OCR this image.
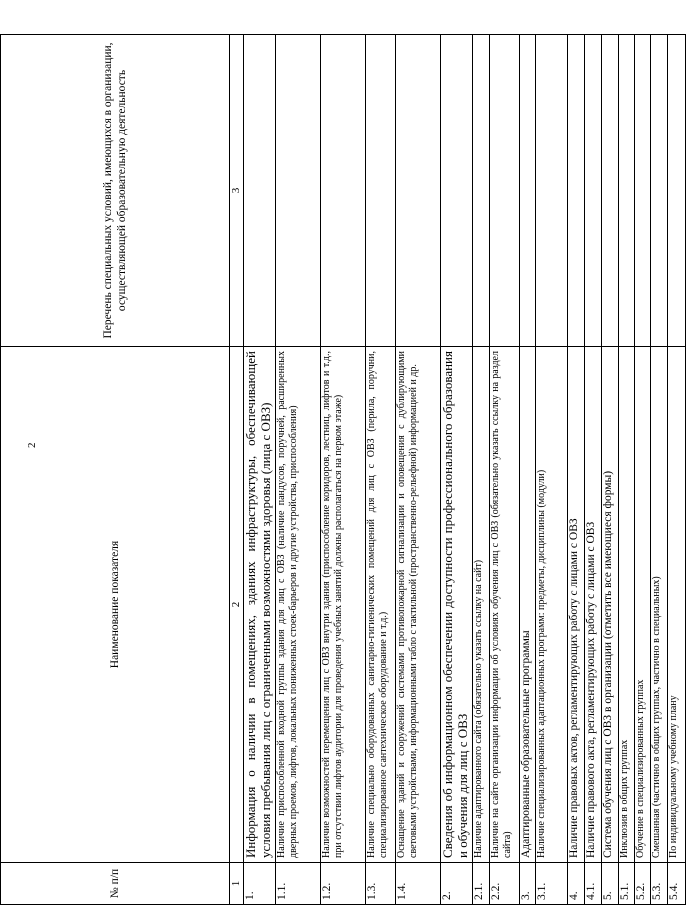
2
№ п/п	Наименование показателя	Перечень специальных условий, имеющихся в организации, осуществляющей образовательную деятельность
1	2	3
1.	Информация о наличии в помещениях, зданиях инфраструктуры, обеспечивающей условия пребывания лиц с ограниченными возможностями здоровья (лица с ОВЗ)	
1.1.	Наличие приспособленной входной группы здания для лиц с ОВЗ (наличие пандусов, поручней, расширенных дверных проемов, лифтов, локальных пониженных стоек-барьеров и другие устройства, приспособления)	
1.2.	Наличие возможностей перемещения лиц с ОВЗ внутри здания (приспособление коридоров, лестниц, лифтов и т.д., при отсутствии лифтов аудитории для проведения учебных занятий должны располагаться на первом этаже)	
1.3.	Наличие специально оборудованных санитарно-гигиенических помещений для лиц с ОВЗ (перила, поручни, специализированное сантехническое оборудование и т.д.)	
1.4.	Оснащение зданий и сооружений системами противопожарной сигнализации и оповещения с дублирующими световыми устройствами, информационными табло с тактильной (пространственно-рельефной) информацией и др.	
2.	Сведения об информационном обеспечении доступности профессионального образования и обучения для лиц с ОВЗ	
2.1.	Наличие адаптированного сайта (обязательно указать ссылку на сайт)	
2.2.	Наличие на сайте организации информации об условиях обучения лиц с ОВЗ (обязательно указать ссылку на раздел сайта)	
3.	Адаптированные образовательные программы	
3.1.	Наличие специализированных адаптационных программ: предметы, дисциплины (модули)	
4.	Наличие правовых актов, регламентирующих работу с лицами с ОВЗ	
4.1.	Наличие правового акта, регламентирующих работу с лицами с ОВЗ	
5.	Система обучения лиц с ОВЗ в организации (отметить все имеющиеся формы)	
5.1.	Инклюзия в общих группах	
5.2.	Обучение в специализированных группах	
5.3.	Смешанная (частично в общих группах, частично в специальных)	
5.4.	По индивидуальному учебному плану	
